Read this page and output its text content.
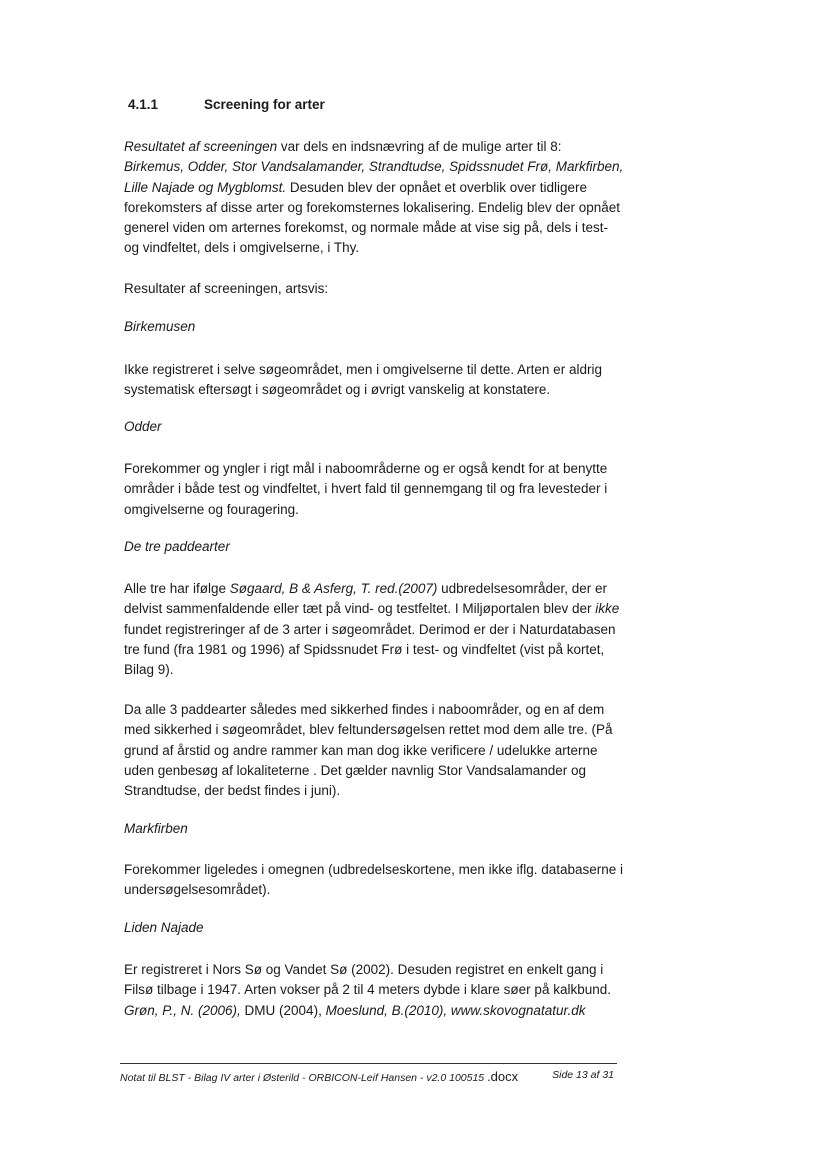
4.1.1	Screening for arter

Resultatet af screeningen var dels en indsnævring af de mulige arter til 8: Birkemus, Odder, Stor Vandsalamander, Strandtudse, Spidssnudet Frø, Markfirben, Lille Najade og Mygblomst. Desuden blev der opnået et overblik over tidligere forekomsters af disse arter og forekomsternes lokalisering. Endelig blev der opnået generel viden om arternes forekomst, og normale måde at vise sig på, dels i test- og vindfeltet, dels i omgivelserne, i Thy.

Resultater af screeningen, artsvis:

Birkemusen

Ikke registreret i selve søgeområdet, men i omgivelserne til dette. Arten er aldrig systematisk eftersøgt i søgeområdet og i øvrigt vanskelig at konstatere.

Odder

Forekommer og yngler i rigt mål i naboområderne og er også kendt for at benytte områder i både test og vindfeltet, i hvert fald til gennemgang til og fra levesteder i omgivelserne og fouragering.

De tre paddearter

Alle tre har ifølge Søgaard, B & Asferg, T. red.(2007) udbredelsesområder, der er delvist sammenfaldende eller tæt på vind- og testfeltet. I Miljøportalen blev der ikke fundet registreringer af de 3 arter i søgeområdet. Derimod er der i Naturdatabasen tre fund (fra 1981 og 1996) af Spidssnudet Frø i test- og vindfeltet (vist på kortet, Bilag 9).

Da alle 3 paddearter således med sikkerhed findes i naboområder, og en af dem med sikkerhed i søgeområdet, blev feltundersøgelsen rettet mod dem alle tre. (På grund af årstid og andre rammer kan man dog ikke verificere / udelukke arterne uden genbesøg af lokaliteterne . Det gælder navnlig Stor Vandsalamander og Strandtudse, der bedst findes i juni).

Markfirben

Forekommer ligeledes i omegnen (udbredelseskortene, men ikke iflg. databaserne i undersøgelsesområdet).

Liden Najade

Er registreret i Nors Sø og Vandet Sø (2002). Desuden registret en enkelt gang i Filsø tilbage i 1947. Arten vokser på 2 til 4 meters dybde i klare søer på kalkbund. Grøn, P., N. (2006), DMU (2004), Moeslund, B.(2010), www.skovognatatur.dk

Notat til BLST - Bilag IV arter i Østerild - ORBICON-Leif Hansen - v2.0 100515 .docx	Side 13 af 31
